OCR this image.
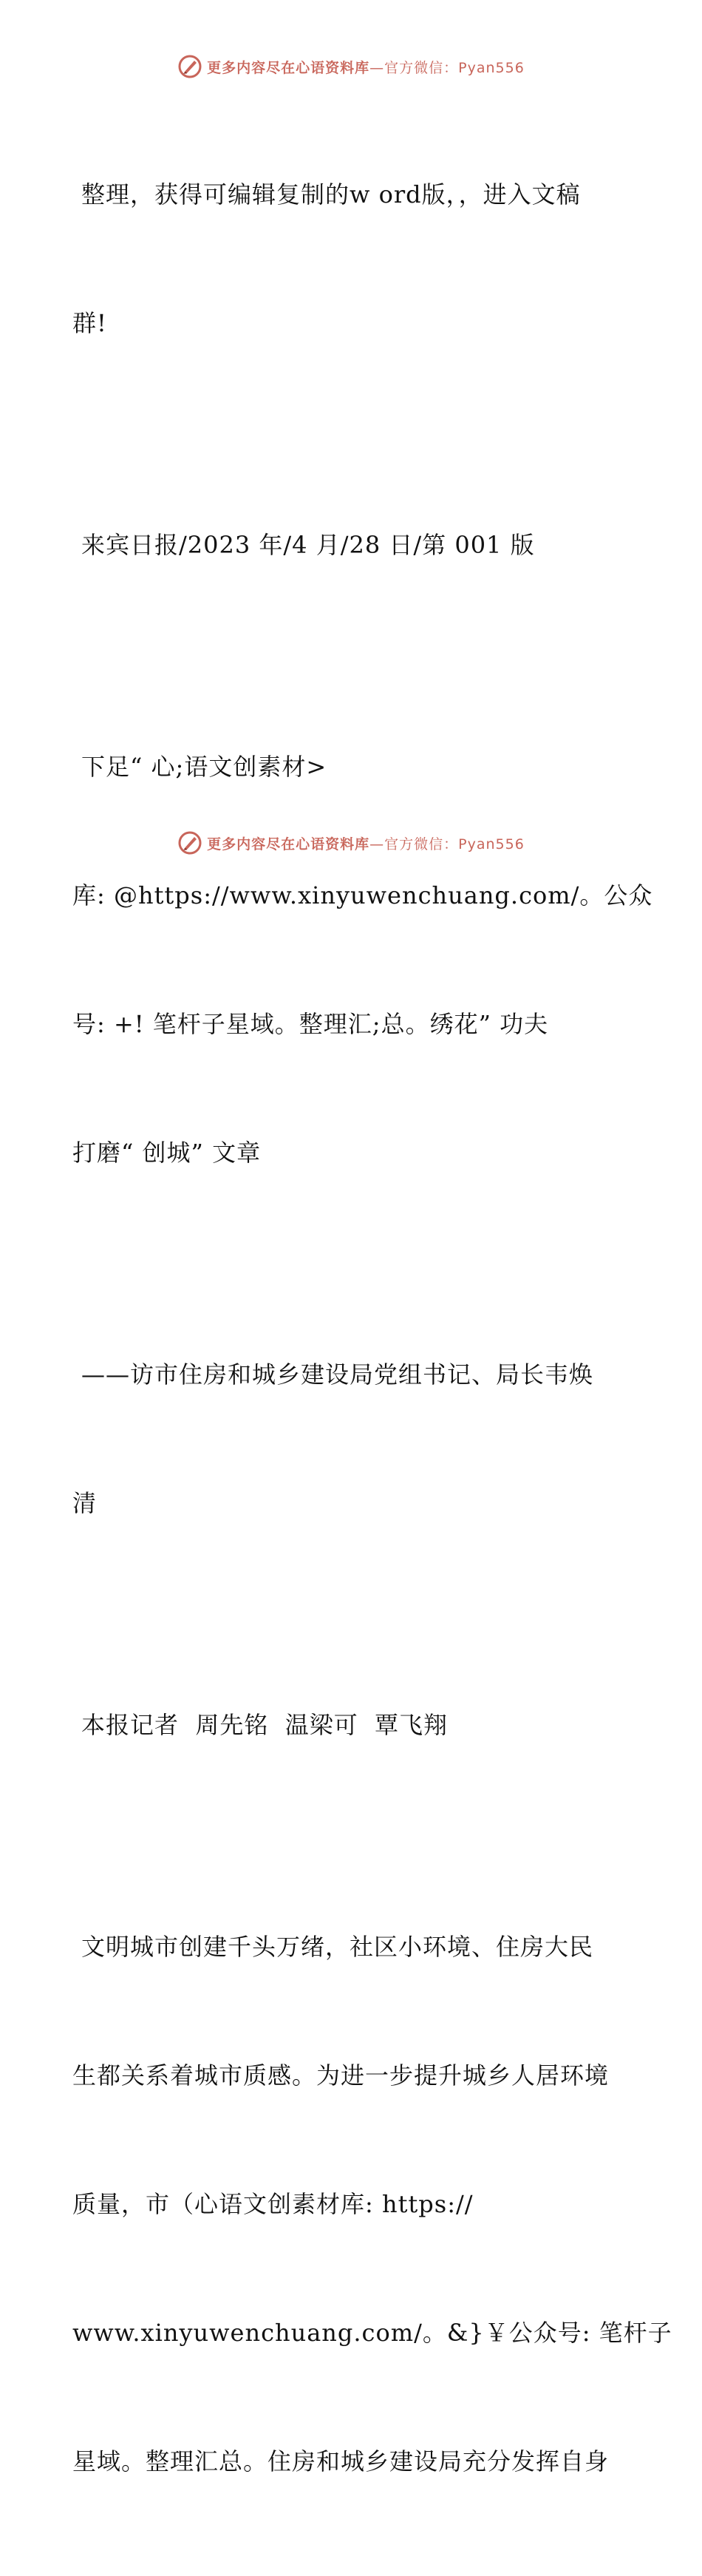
更多内容尽在心语资料库—官方微信：Pyan556

整理，获得可编辑复制的w ord版，，进入文稿

群!

来宾日报/2023 年/4 月/28 日/第 001 版

下足“ 心;语文创素材>

库: @https://www.xinyuwenchuang.com/。公众

号: +! 笔杆子星域。整理汇;总。绣花” 功夫

打磨“ 创城” 文章

——访市住房和城乡建设局党组书记、局长韦焕

清

本报记者  周先铭  温梁可  覃飞翔

文明城市创建千头万绪，社区小环境、住房大民

生都关系着城市质感。为进一步提升城乡人居环境

质量，市（心语文创素材库: https://

www.xinyuwenchuang.com/。&}￥公众号: 笔杆子

星域。整理汇总。住房和城乡建设局充分发挥自身

更多内容尽在心语资料库—官方微信：Pyan556
